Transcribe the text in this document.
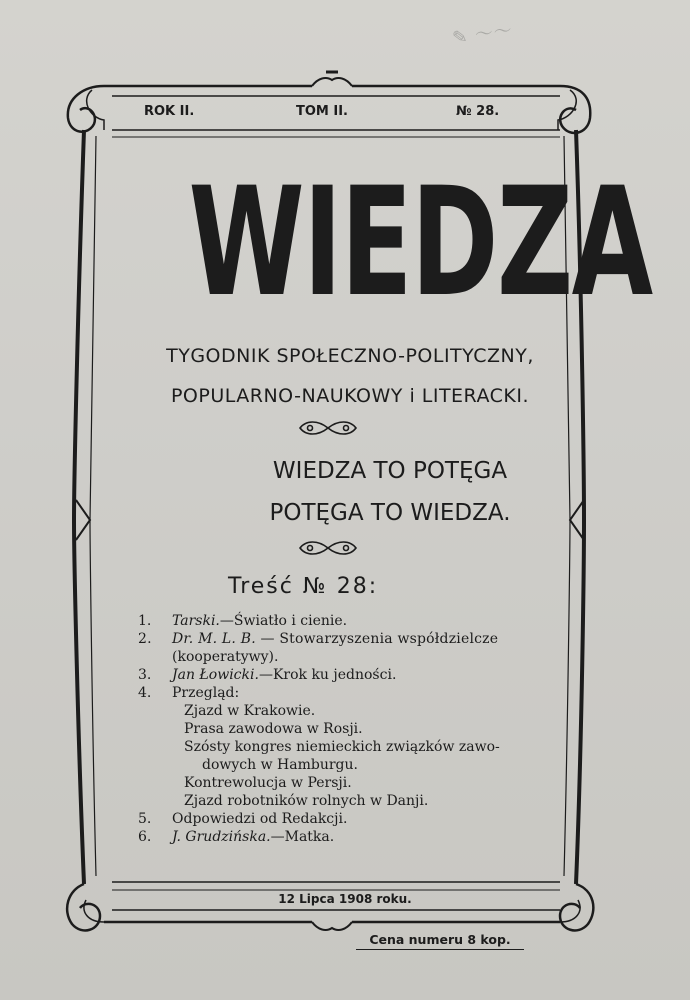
✎ ～～
ROK II.	TOM II.	№ 28.
WIEDZA
TYGODNIK SPOŁECZNO-POLITYCZNY,
POPULARNO-NAUKOWY i LITERACKI.
WIEDZA TO POTĘGA
POTĘGA TO WIEDZA.
Treść № 28:
1.	Tarski.—Światło i cienie.
2.	Dr. M. L. B. — Stowarzyszenia współdzielcze
(kooperatywy).
3.	Jan Łowicki.—Krok ku jedności.
4.	Przegląd:
Zjazd w Krakowie.
Prasa zawodowa w Rosji.
Szósty kongres niemieckich związków zawo-
dowych w Hamburgu.
Kontrewolucja w Persji.
Zjazd robotników rolnych w Danji.
5.	Odpowiedzi od Redakcji.
6.	J. Grudzińska.—Matka.
12 Lipca 1908 roku.
Cena numeru 8 kop.
